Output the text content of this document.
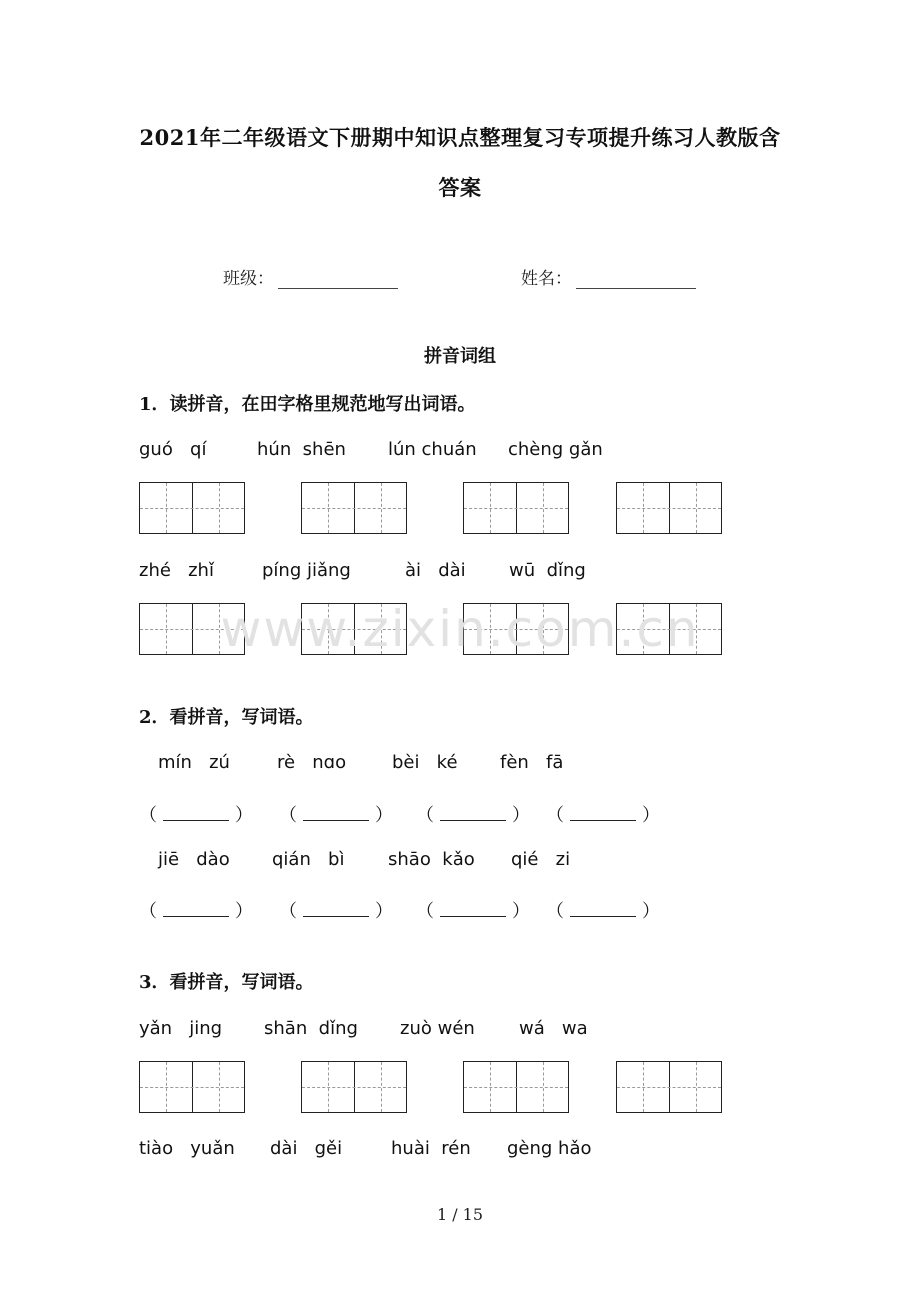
2021年二年级语文下册期中知识点整理复习专项提升练习人教版含
答案
班级：	姓名：
拼音词组
1．读拼音，在田字格里规范地写出词语。
guó   qí	hún  shēn lún chuán chèng gǎn
zhé   zhǐ	píng jiǎng	ài   dài wū  dǐng
www.zixin.com.cn
2．看拼音，写词语。
mín   zú	rè   nɑo	bèi   ké fèn   fā
（	） （	） （	） （	）
jiē   dào qián   bì shāo  kǎo qié   zi
（	） （	） （	） （	）
3．看拼音，写词语。
yǎn   jing shān  dǐng zuò wén wá   wa
tiào   yuǎn dài   gěi	huài  rén gèng hǎo
1 / 15
